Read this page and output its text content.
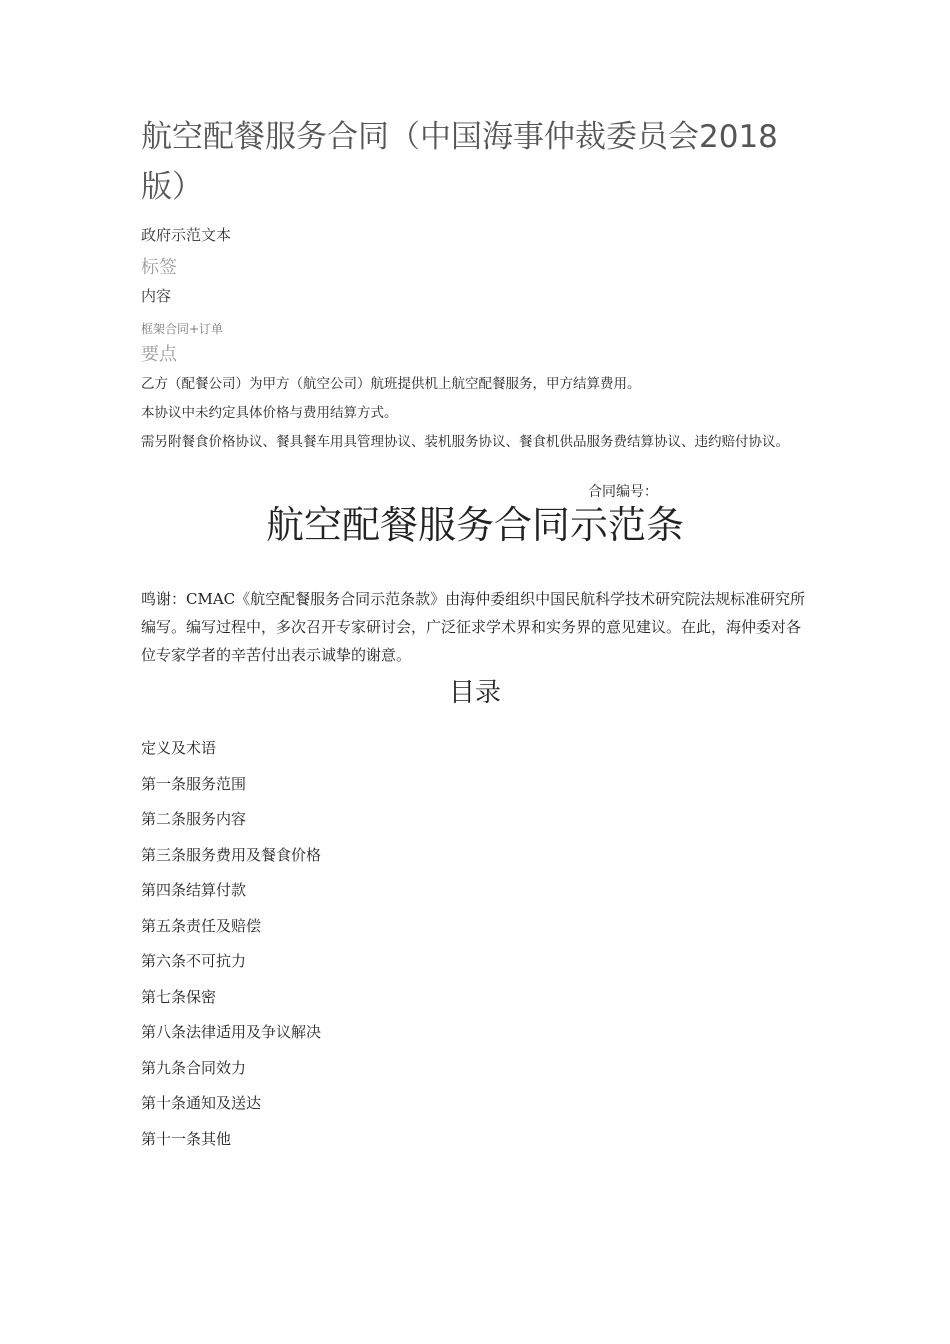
航空配餐服务合同（中国海事仲裁委员会2018版）

政府示范文本

标签

内容

框架合同+订单

要点

乙方（配餐公司）为甲方（航空公司）航班提供机上航空配餐服务，甲方结算费用。
本协议中未约定具体价格与费用结算方式。
需另附餐食价格协议、餐具餐车用具管理协议、装机服务协议、餐食机供品服务费结算协议、违约赔付协议。
合同编号：
航空配餐服务合同示范条

鸣谢：CMAC《航空配餐服务合同示范条款》由海仲委组织中国民航科学技术研究院法规标准研究所编写。编写过程中，多次召开专家研讨会，广泛征求学术界和实务界的意见建议。在此，海仲委对各位专家学者的辛苦付出表示诚挚的谢意。

目录
定义及术语
第一条服务范围
第二条服务内容
第三条服务费用及餐食价格
第四条结算付款
第五条责任及赔偿
第六条不可抗力
第七条保密
第八条法律适用及争议解决
第九条合同效力
第十条通知及送达
第十一条其他
